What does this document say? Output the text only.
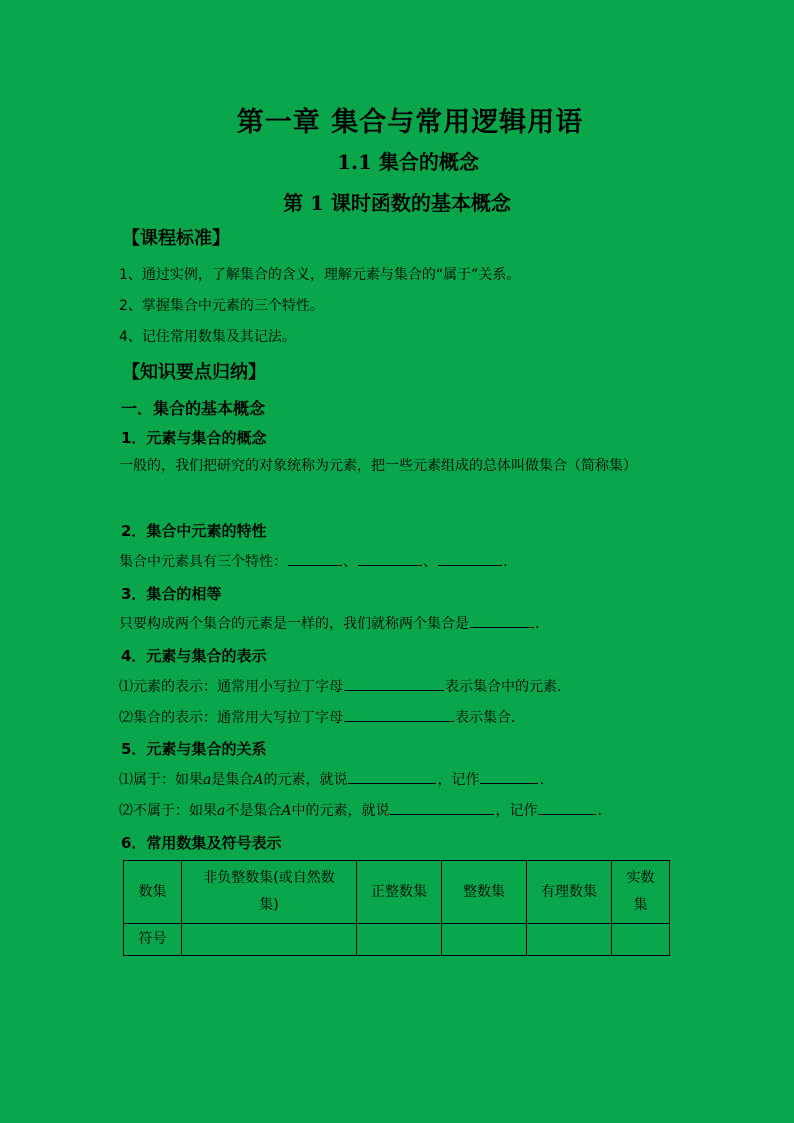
第一章 集合与常用逻辑用语
1.1 集合的概念
第 1 课时函数的基本概念
【课程标准】
1、通过实例，了解集合的含义，理解元素与集合的“属于”关系。
2、掌握集合中元素的三个特性。
4、记住常用数集及其记法。
【知识要点归纳】
一．集合的基本概念
1．元素与集合的概念
一般的，我们把研究的对象统称为元素，把一些元素组成的总体叫做集合（简称集）
2．集合中元素的特性
集合中元素具有三个特性：	、	、	.
3．集合的相等
只要构成两个集合的元素是一样的，我们就称两个集合是	.
4．元素与集合的表示
⑴元素的表示：通常用小写拉丁字母	表示集合中的元素．
⑵集合的表示：通常用大写拉丁字母	表示集合．
5．元素与集合的关系
⑴属于：如果a是集合A的元素，就说	，记作	.
⑵不属于：如果a不是集合A中的元素，就说	，记作	.
6．常用数集及符号表示
数集	非负整数集(或自然数集)	正整数集	整数集	有理数集	实数集
符号					
